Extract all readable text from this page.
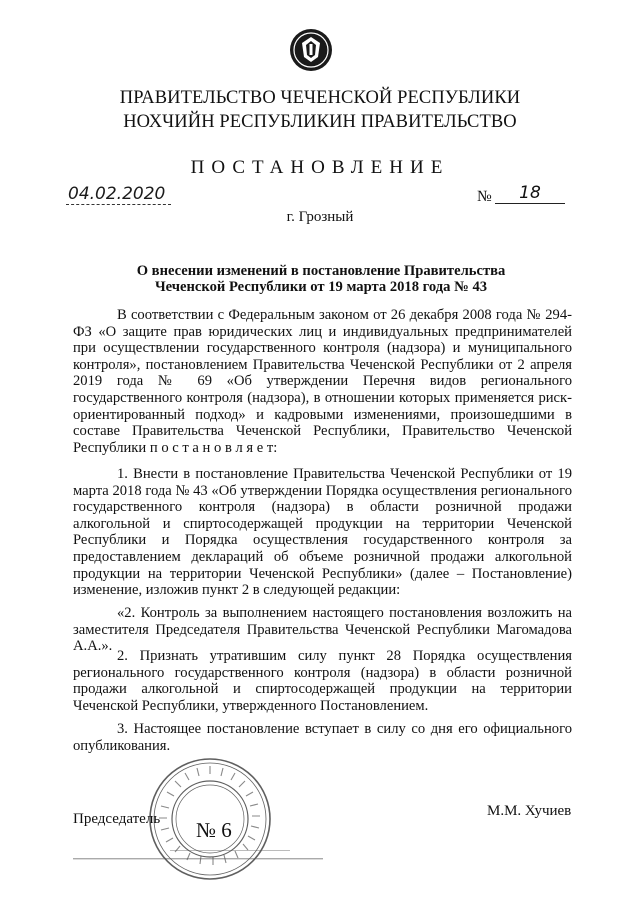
ПРАВИТЕЛЬСТВО ЧЕЧЕНСКОЙ РЕСПУБЛИКИ
НОХЧИЙН РЕСПУБЛИКИН ПРАВИТЕЛЬСТВО
ПОСТАНОВЛЕНИЕ
04.02.2020	№	18
г. Грозный
О внесении изменений в постановление Правительства
Чеченской Республики от 19 марта 2018 года № 43
В соответствии с Федеральным законом от 26 декабря 2008 года № 294-ФЗ «О защите прав юридических лиц и индивидуальных предпринимателей при осуществлении государственного контроля (надзора) и муниципального контроля», постановлением Правительства Чеченской Республики от 2 апреля 2019 года № 69 «Об утверждении Перечня видов регионального государственного контроля (надзора), в отношении которых применяется риск-ориентированный подход» и кадровыми изменениями, произошедшими в составе Правительства Чеченской Республики, Правительство Чеченской Республики п о с т а н о в л я е т:
1. Внести в постановление Правительства Чеченской Республики от 19 марта 2018 года № 43 «Об утверждении Порядка осуществления регионального государственного контроля (надзора) в области розничной продажи алкогольной и спиртосодержащей продукции на территории Чеченской Республики и Порядка осуществления государственного контроля за предоставлением деклараций об объеме розничной продажи алкогольной продукции на территории Чеченской Республики» (далее – Постановление) изменение, изложив пункт 2 в следующей редакции:
«2. Контроль за выполнением настоящего постановления возложить на заместителя Председателя Правительства Чеченской Республики Магомадова А.А.».
2. Признать утратившим силу пункт 28 Порядка осуществления регионального государственного контроля (надзора) в области розничной продажи алкогольной и спиртосодержащей продукции на территории Чеченской Республики, утвержденного Постановлением.
3. Настоящее постановление вступает в силу со дня его официального опубликования.
№ 6
Председатель	М.М. Хучиев
